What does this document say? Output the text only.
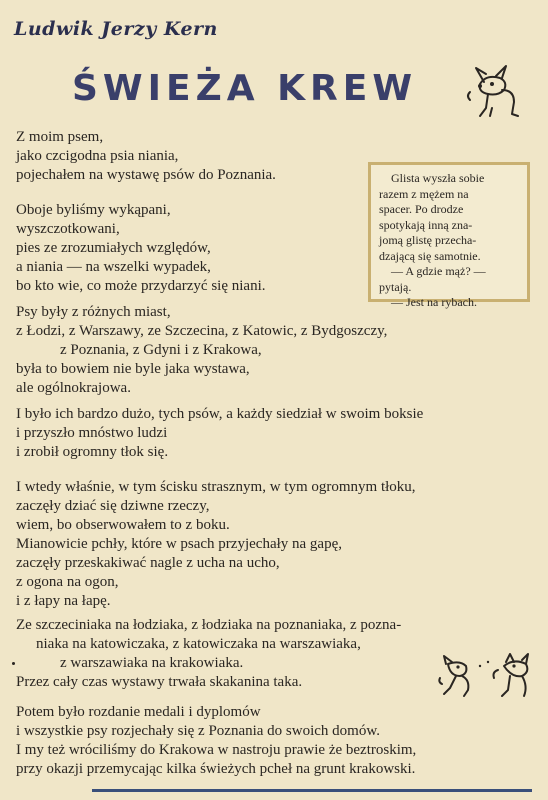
Ludwik Jerzy Kern
ŚWIEŻA KREW
Z moim psem,
jako czcigodna psia niania,
pojechałem na wystawę psów do Poznania.
Oboje byliśmy wykąpani,
wyszczotkowani,
pies ze zrozumiałych względów,
a niania — na wszelki wypadek,
bo kto wie, co może przydarzyć się niani.
Glista wyszła sobie
razem z mężem na
spacer. Po drodze
spotykają inną zna-
jomą glistę przecha-
dzającą się samotnie.
— A gdzie mąż? —
pytają.
— Jest na rybach.
Psy były z różnych miast,
z Łodzi, z Warszawy, ze Szczecina, z Katowic, z Bydgoszczy,
z Poznania, z Gdyni i z Krakowa,
była to bowiem nie byle jaka wystawa,
ale ogólnokrajowa.
I było ich bardzo dużo, tych psów, a każdy siedział w swoim boksie
i przyszło mnóstwo ludzi
i zrobił ogromny tłok się.
I wtedy właśnie, w tym ścisku strasznym, w tym ogromnym tłoku,
zaczęły dziać się dziwne rzeczy,
wiem, bo obserwowałem to z boku.
Mianowicie pchły, które w psach przyjechały na gapę,
zaczęły przeskakiwać nagle z ucha na ucho,
z ogona na ogon,
i z łapy na łapę.
Ze szczeciniaka na łodziaka, z łodziaka na poznaniaka, z pozna-
niaka na katowiczaka, z katowiczaka na warszawiaka,
z warszawiaka na krakowiaka.
Przez cały czas wystawy trwała skakanina taka.
Potem było rozdanie medali i dyplomów
i wszystkie psy rozjechały się z Poznania do swoich domów.
I my też wróciliśmy do Krakowa w nastroju prawie że beztroskim,
przy okazji przemycając kilka świeżych pcheł na grunt krakowski.
